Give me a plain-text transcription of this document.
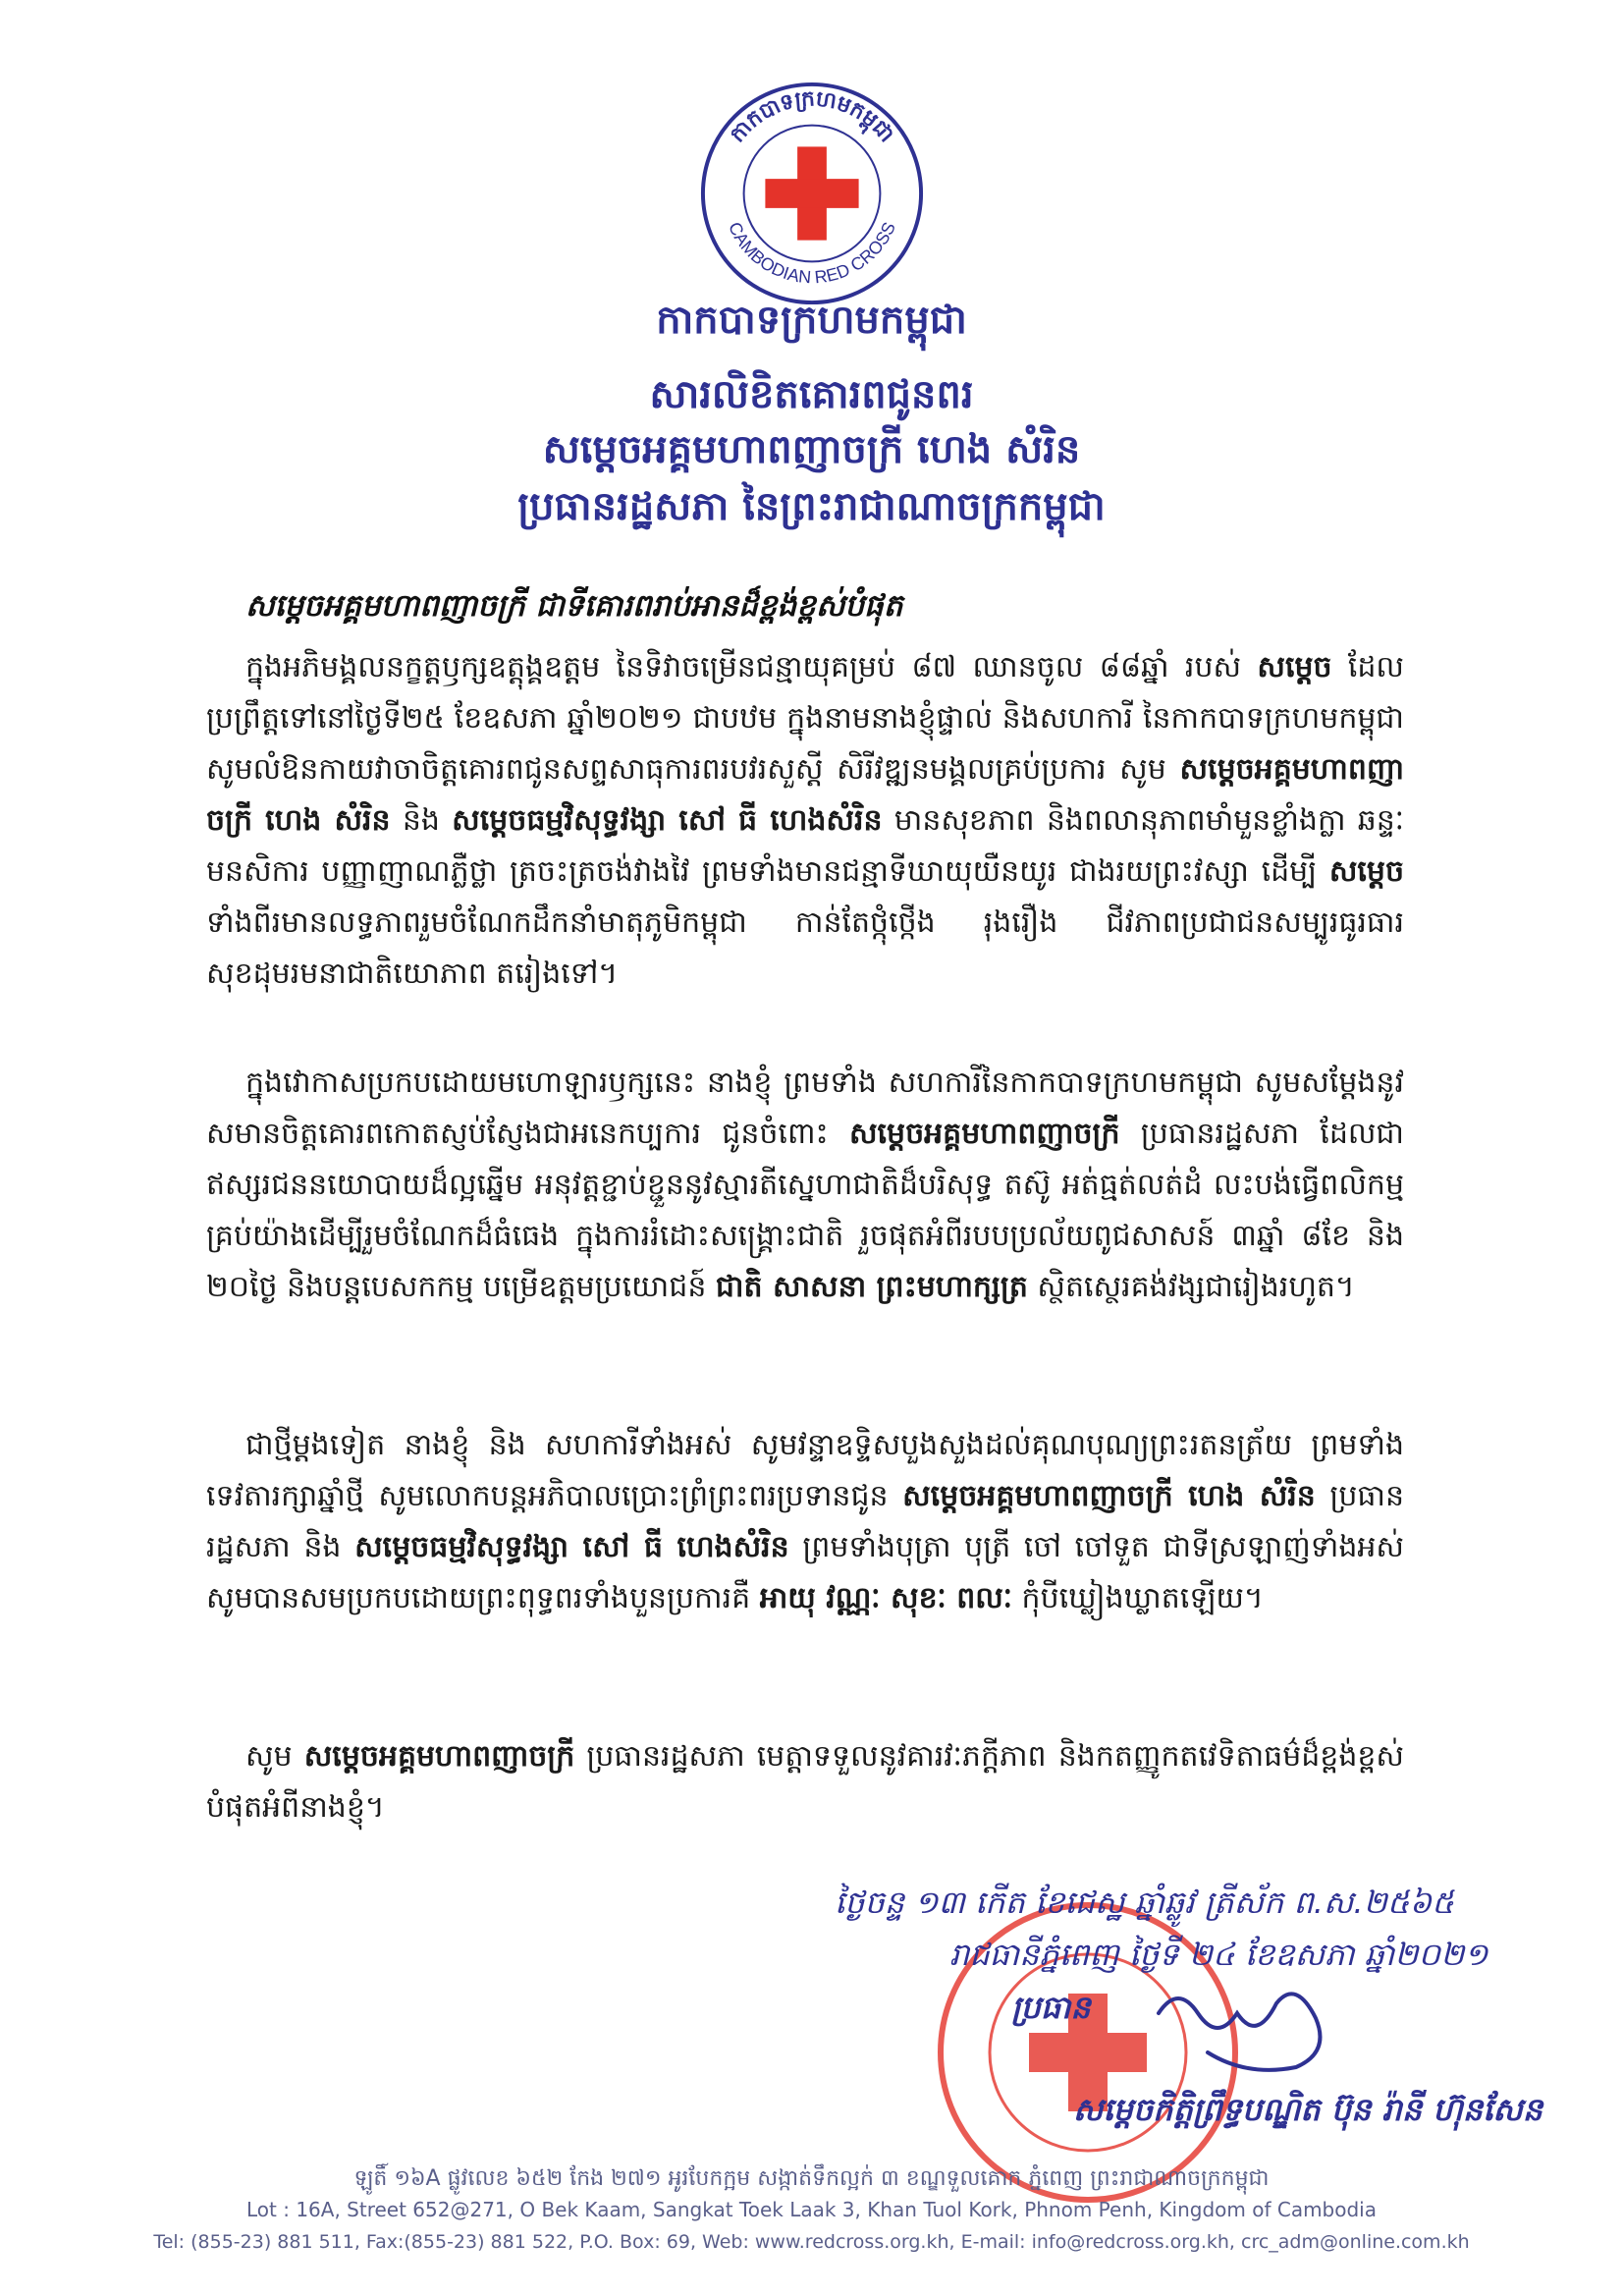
កាកបាទក្រហមកម្ពុជា
CAMBODIAN RED CROSS
កាកបាទក្រហមកម្ពុជា
សារលិខិតគោរពជូនពរ
សម្ដេចអគ្គមហាពញាចក្រី ហេង សំរិន
ប្រធានរដ្ឋសភា នៃព្រះរាជាណាចក្រកម្ពុជា
សម្ដេចអគ្គមហាពញាចក្រី ជាទីគោរពរាប់អានដ៏ខ្ពង់ខ្ពស់បំផុត
ក្នុងអភិមង្គលនក្ខត្តឫក្សឧត្តុង្គឧត្តម នៃទិវាចម្រើនជន្មាយុគម្រប់ ៨៧ ឈានចូល ៨៨ឆ្នាំ របស់ សម្ដេច ដែលប្រព្រឹត្តទៅនៅថ្ងៃទី២៥ ខែឧសភា ឆ្នាំ២០២១ ជាបឋម ក្នុងនាមនាងខ្ញុំផ្ទាល់ និងសហការី នៃកាកបាទក្រហមកម្ពុជា សូមលំឱនកាយវាចាចិត្តគោរពជូនសព្ទសាធុការពរបវរសួស្ដី សិរីវឌ្ឍនមង្គលគ្រប់ប្រការ សូម សម្ដេចអគ្គមហាពញាចក្រី ហេង សំរិន និង សម្ដេចធម្មវិសុទ្ធវង្សា សៅ ធី ហេងសំរិន មានសុខភាព និងពលានុភាពមាំមួនខ្លាំងក្លា ឆន្ទៈ មនសិការ បញ្ញាញាណភ្លឺថ្លា ត្រចះត្រចង់វាងវៃ ព្រមទាំងមានជន្មាទីឃាយុយឺនយូរ ជាងរយព្រះវស្សា ដើម្បី សម្ដេច ទាំងពីរមានលទ្ធភាពរួមចំណែកដឹកនាំមាតុភូមិកម្ពុជា កាន់តែថ្កុំថ្កើង រុងរឿង ជីវភាពប្រជាជនសម្បូរធូរធារ សុខដុមរមនាជាតិយោភាព តរៀងទៅ។
ក្នុងវោកាសប្រកបដោយមហោឡារឫក្សនេះ នាងខ្ញុំ ព្រមទាំង សហការីនៃកាកបាទក្រហមកម្ពុជា សូមសម្ដែងនូវសមានចិត្តគោរពកោតស្ញប់ស្ញែងជាអនេកប្បការ ជូនចំពោះ សម្ដេចអគ្គមហាពញាចក្រី ប្រធានរដ្ឋសភា ដែលជាឥស្សរជននយោបាយដ៏ល្អឆ្នើម អនុវត្តខ្ជាប់ខ្ជួននូវស្មារតីស្នេហាជាតិដ៏បរិសុទ្ធ តស៊ូ អត់ធ្មត់លត់ដំ លះបង់ធ្វើពលិកម្មគ្រប់យ៉ាងដើម្បីរួមចំណែកដ៏ធំធេង ក្នុងការរំដោះសង្គ្រោះជាតិ រួចផុតអំពីរបបប្រល័យពូជសាសន៍ ៣ឆ្នាំ ៨ខែ និង ២០ថ្ងៃ និងបន្តបេសកកម្ម បម្រើឧត្តមប្រយោជន៍ ជាតិ សាសនា ព្រះមហាក្សត្រ ស្ថិតស្ថេរគង់វង្សជារៀងរហូត។
ជាថ្មីម្ដងទៀត នាងខ្ញុំ និង សហការីទាំងអស់ សូមវន្ទាឧទ្ទិសបួងសួងដល់គុណបុណ្យព្រះរតនត្រ័យ ព្រមទាំងទេវតារក្សាឆ្នាំថ្មី សូមលោកបន្តអភិបាលប្រោះព្រំព្រះពរប្រទានជូន សម្ដេចអគ្គមហាពញាចក្រី ហេង សំរិន ប្រធានរដ្ឋសភា និង សម្ដេចធម្មវិសុទ្ធវង្សា សៅ ធី ហេងសំរិន ព្រមទាំងបុត្រា បុត្រី ចៅ ចៅទួត ជាទីស្រឡាញ់ទាំងអស់ សូមបានសមប្រកបដោយព្រះពុទ្ធពរទាំងបួនប្រការគឺ អាយុ វណ្ណៈ សុខៈ ពលៈ កុំបីឃ្លៀងឃ្លាតឡើយ។
សូម សម្ដេចអគ្គមហាពញាចក្រី ប្រធានរដ្ឋសភា មេត្តាទទួលនូវគារវៈភក្ដីភាព និងកតញ្ញូកតវេទិតាធម៌ដ៏ខ្ពង់ខ្ពស់បំផុតអំពីនាងខ្ញុំ។
ថ្ងៃចន្ទ ១៣ កើត ខែជេស្ឋ ឆ្នាំឆ្លូវ ត្រីស័ក ព.ស.២៥៦៥
រាជធានីភ្នំពេញ ថ្ងៃទី ២៤ ខែឧសភា ឆ្នាំ២០២១
ប្រធាន
សម្ដេចកិត្តិព្រឹទ្ធបណ្ឌិត ប៊ុន រ៉ានី ហ៊ុនសែន
ឡូតិ៍ ១៦A ផ្លូវលេខ ៦៥២ កែង ២៧១ អូរបែកក្អម សង្កាត់ទឹកល្អក់ ៣ ខណ្ឌទួលគោក ភ្នំពេញ ព្រះរាជាណាចក្រកម្ពុជា
Lot : 16A, Street 652@271, O Bek Kaam, Sangkat Toek Laak 3, Khan Tuol Kork, Phnom Penh, Kingdom of Cambodia
Tel: (855-23) 881 511, Fax:(855-23) 881 522, P.O. Box: 69, Web: www.redcross.org.kh, E-mail: info@redcross.org.kh, crc_adm@online.com.kh
